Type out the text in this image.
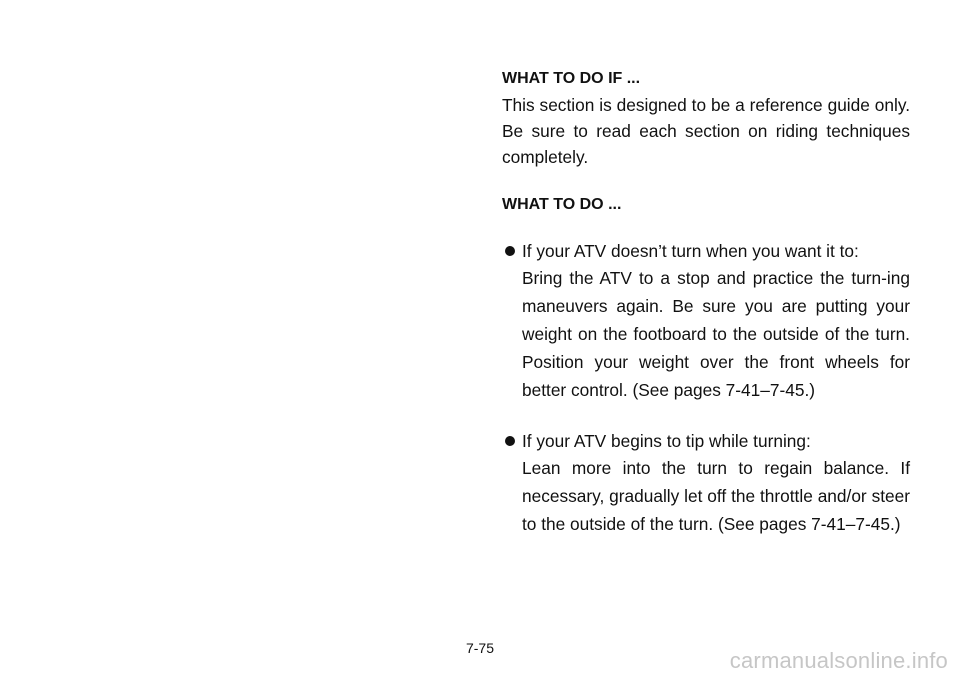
WHAT TO DO IF ...

This section is designed to be a reference guide only. Be sure to read each section on riding techniques completely.

WHAT TO DO ...
If your ATV doesn’t turn when you want it to:

Bring the ATV to a stop and practice the turn-ing maneuvers again. Be sure you are putting your weight on the footboard to the outside of the turn. Position your weight over the front wheels for better control. (See pages 7-41–7-45.)

If your ATV begins to tip while turning:

Lean more into the turn to regain balance. If necessary, gradually let off the throttle and/or steer to the outside of the turn. (See pages 7-41–7-45.)

7-75	carmanualsonline.info
